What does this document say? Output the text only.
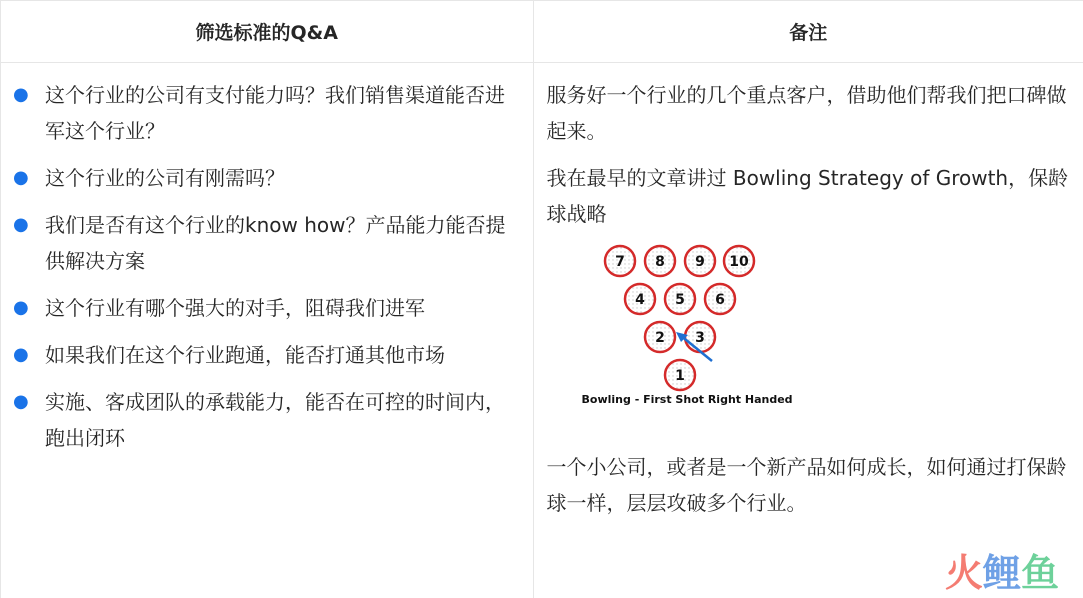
筛选标准的Q&A	备注
● 这个行业的公司有支付能力吗？我们销售渠道能否进军这个行业？
● 这个行业的公司有刚需吗？
● 我们是否有这个行业的know how？产品能力能否提供解决方案
● 这个行业有哪个强大的对手，阻碍我们进军
● 如果我们在这个行业跑通，能否打通其他市场
● 实施、客成团队的承载能力，能否在可控的时间内，跑出闭环

服务好一个行业的几个重点客户，借助他们帮我们把口碑做起来。

我在最早的文章讲过 Bowling Strategy of Growth，保龄球战略

7 8 9 10
4 5 6
2 3
1
Bowling - First Shot Right Handed

一个小公司，或者是一个新产品如何成长，如何通过打保龄球一样，层层攻破多个行业。

火 鲤 鱼
